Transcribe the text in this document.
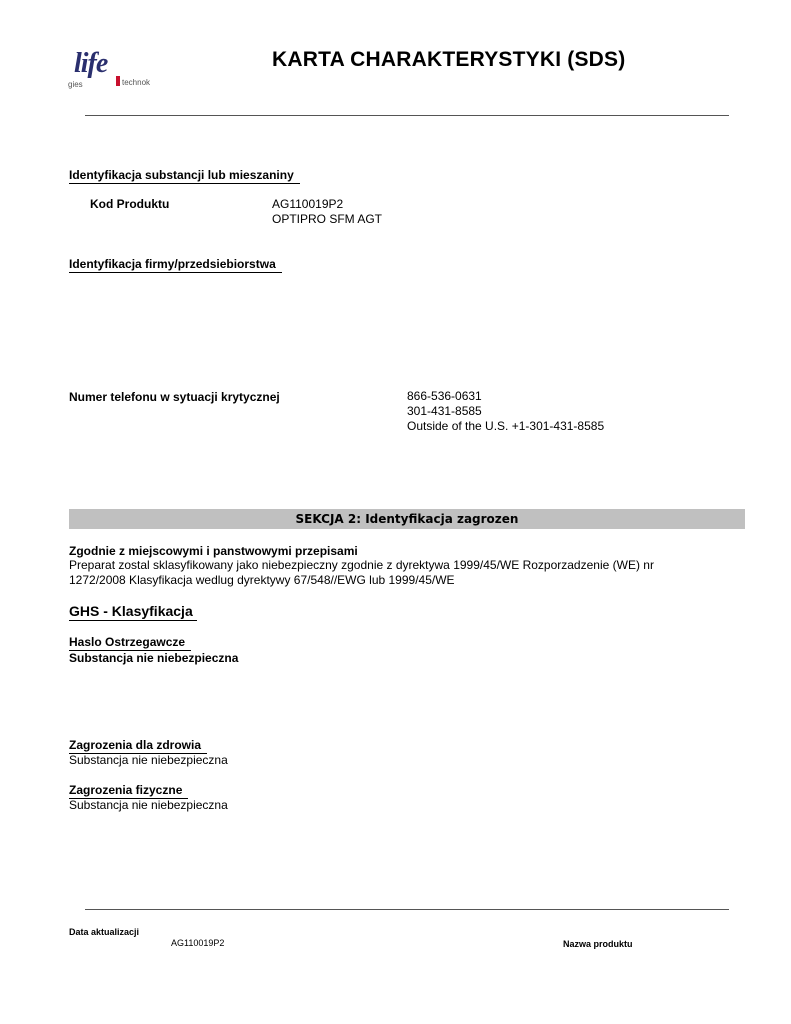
life
gies	technok
KARTA CHARAKTERYSTYKI (SDS)
Identyfikacja substancji lub mieszaniny
Kod Produktu	AG110019P2
OPTIPRO SFM AGT
Identyfikacja firmy/przedsiebiorstwa
Numer telefonu w sytuacji krytycznej	866-536-0631
301-431-8585
Outside of the U.S. +1-301-431-8585
SEKCJA 2: Identyfikacja zagrozen
Zgodnie z miejscowymi i panstwowymi przepisami
Preparat zostal sklasyfikowany jako niebezpieczny zgodnie z dyrektywa 1999/45/WE Rozporzadzenie (WE) nr
1272/2008 Klasyfikacja wedlug dyrektywy 67/548//EWG lub 1999/45/WE
GHS - Klasyfikacja
Haslo Ostrzegawcze
Substancja nie niebezpieczna
Zagrozenia dla zdrowia
Substancja nie niebezpieczna
Zagrozenia fizyczne
Substancja nie niebezpieczna
Data aktualizacji
AG110019P2	Nazwa produktu
